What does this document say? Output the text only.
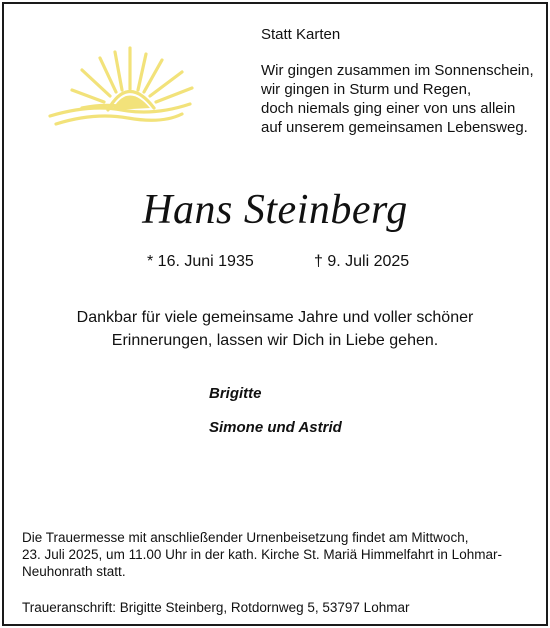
Statt Karten
Wir gingen zusammen im Sonnenschein,
wir gingen in Sturm und Regen,
doch niemals ging einer von uns allein
auf unserem gemeinsamen Lebensweg.
Hans Steinberg
* 16. Juni 1935	† 9. Juli 2025
Dankbar für viele gemeinsame Jahre und voller schöner
Erinnerungen, lassen wir Dich in Liebe gehen.
Brigitte
Simone und Astrid
Die Trauermesse mit anschließender Urnenbeisetzung findet am Mittwoch,
23. Juli 2025, um 11.00 Uhr in der kath. Kirche St. Mariä Himmelfahrt in Lohmar-
Neuhonrath statt.
Traueranschrift: Brigitte Steinberg, Rotdornweg 5, 53797 Lohmar
